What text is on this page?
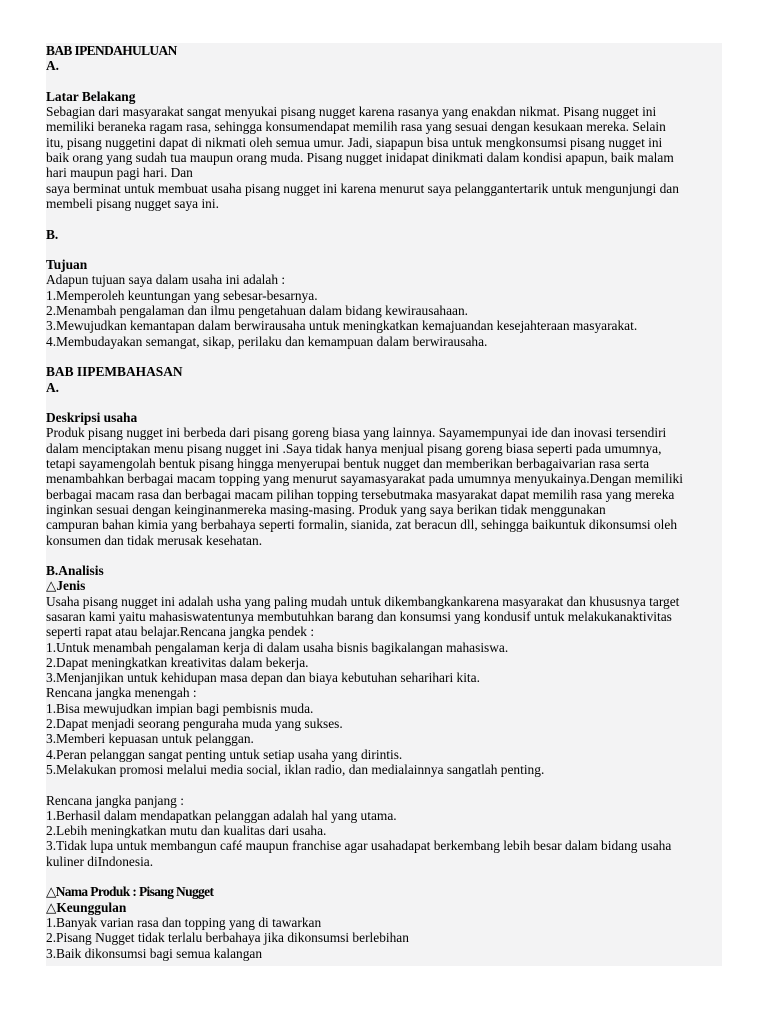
BAB IPENDAHULUAN
A.
Latar Belakang
Sebagian dari masyarakat sangat menyukai pisang nugget karena rasanya yang enakdan nikmat. Pisang nugget ini
memiliki beraneka ragam rasa, sehingga konsumendapat memilih rasa yang sesuai dengan kesukaan mereka. Selain
itu, pisang nuggetini dapat di nikmati oleh semua umur. Jadi, siapapun bisa untuk mengkonsumsi pisang nugget ini
baik orang yang sudah tua maupun orang muda. Pisang nugget inidapat dinikmati dalam kondisi apapun, baik malam
hari maupun pagi hari. Dan
saya berminat untuk membuat usaha pisang nugget ini karena menurut saya pelanggantertarik untuk mengunjungi dan
membeli pisang nugget saya ini.
B.
Tujuan
Adapun tujuan saya dalam usaha ini adalah :
1.Memperoleh keuntungan yang sebesar-besarnya.
2.Menambah pengalaman dan ilmu pengetahuan dalam bidang kewirausahaan.
3.Mewujudkan kemantapan dalam berwirausaha untuk meningkatkan kemajuandan kesejahteraan masyarakat.
4.Membudayakan semangat, sikap, perilaku dan kemampuan dalam berwirausaha.
BAB IIPEMBAHASAN
A.
Deskripsi usaha
Produk pisang nugget ini berbeda dari pisang goreng biasa yang lainnya. Sayamempunyai ide dan inovasi tersendiri
dalam menciptakan menu pisang nugget ini .Saya tidak hanya menjual pisang goreng biasa seperti pada umumnya,
tetapi sayamengolah bentuk pisang hingga menyerupai bentuk nugget dan memberikan berbagaivarian rasa serta
menambahkan berbagai macam topping yang menurut sayamasyarakat pada umumnya menyukainya.Dengan memiliki
berbagai macam rasa dan berbagai macam pilihan topping tersebutmaka masyarakat dapat memilih rasa yang mereka
inginkan sesuai dengan keinginanmereka masing-masing. Produk yang saya berikan tidak menggunakan
campuran bahan kimia yang berbahaya seperti formalin, sianida, zat beracun dll, sehingga baikuntuk dikonsumsi oleh
konsumen dan tidak merusak kesehatan.
B.Analisis
△Jenis
Usaha pisang nugget ini adalah usha yang paling mudah untuk dikembangkankarena masyarakat dan khususnya target
sasaran kami yaitu mahasiswatentunya membutuhkan barang dan konsumsi yang kondusif untuk melakukanaktivitas
seperti rapat atau belajar.Rencana jangka pendek :
1.Untuk menambah pengalaman kerja di dalam usaha bisnis bagikalangan mahasiswa.
2.Dapat meningkatkan kreativitas dalam bekerja.
3.Menjanjikan untuk kehidupan masa depan dan biaya kebutuhan seharihari kita.
Rencana jangka menengah :
1.Bisa mewujudkan impian bagi pembisnis muda.
2.Dapat menjadi seorang penguraha muda yang sukses.
3.Memberi kepuasan untuk pelanggan.
4.Peran pelanggan sangat penting untuk setiap usaha yang dirintis.
5.Melakukan promosi melalui media social, iklan radio, dan medialainnya sangatlah penting.
Rencana jangka panjang :
1.Berhasil dalam mendapatkan pelanggan adalah hal yang utama.
2.Lebih meningkatkan mutu dan kualitas dari usaha.
3.Tidak lupa untuk membangun café maupun franchise agar usahadapat berkembang lebih besar dalam bidang usaha
kuliner diIndonesia.
△Nama Produk : Pisang Nugget
△Keunggulan
1.Banyak varian rasa dan topping yang di tawarkan
2.Pisang Nugget tidak terlalu berbahaya jika dikonsumsi berlebihan
3.Baik dikonsumsi bagi semua kalangan
